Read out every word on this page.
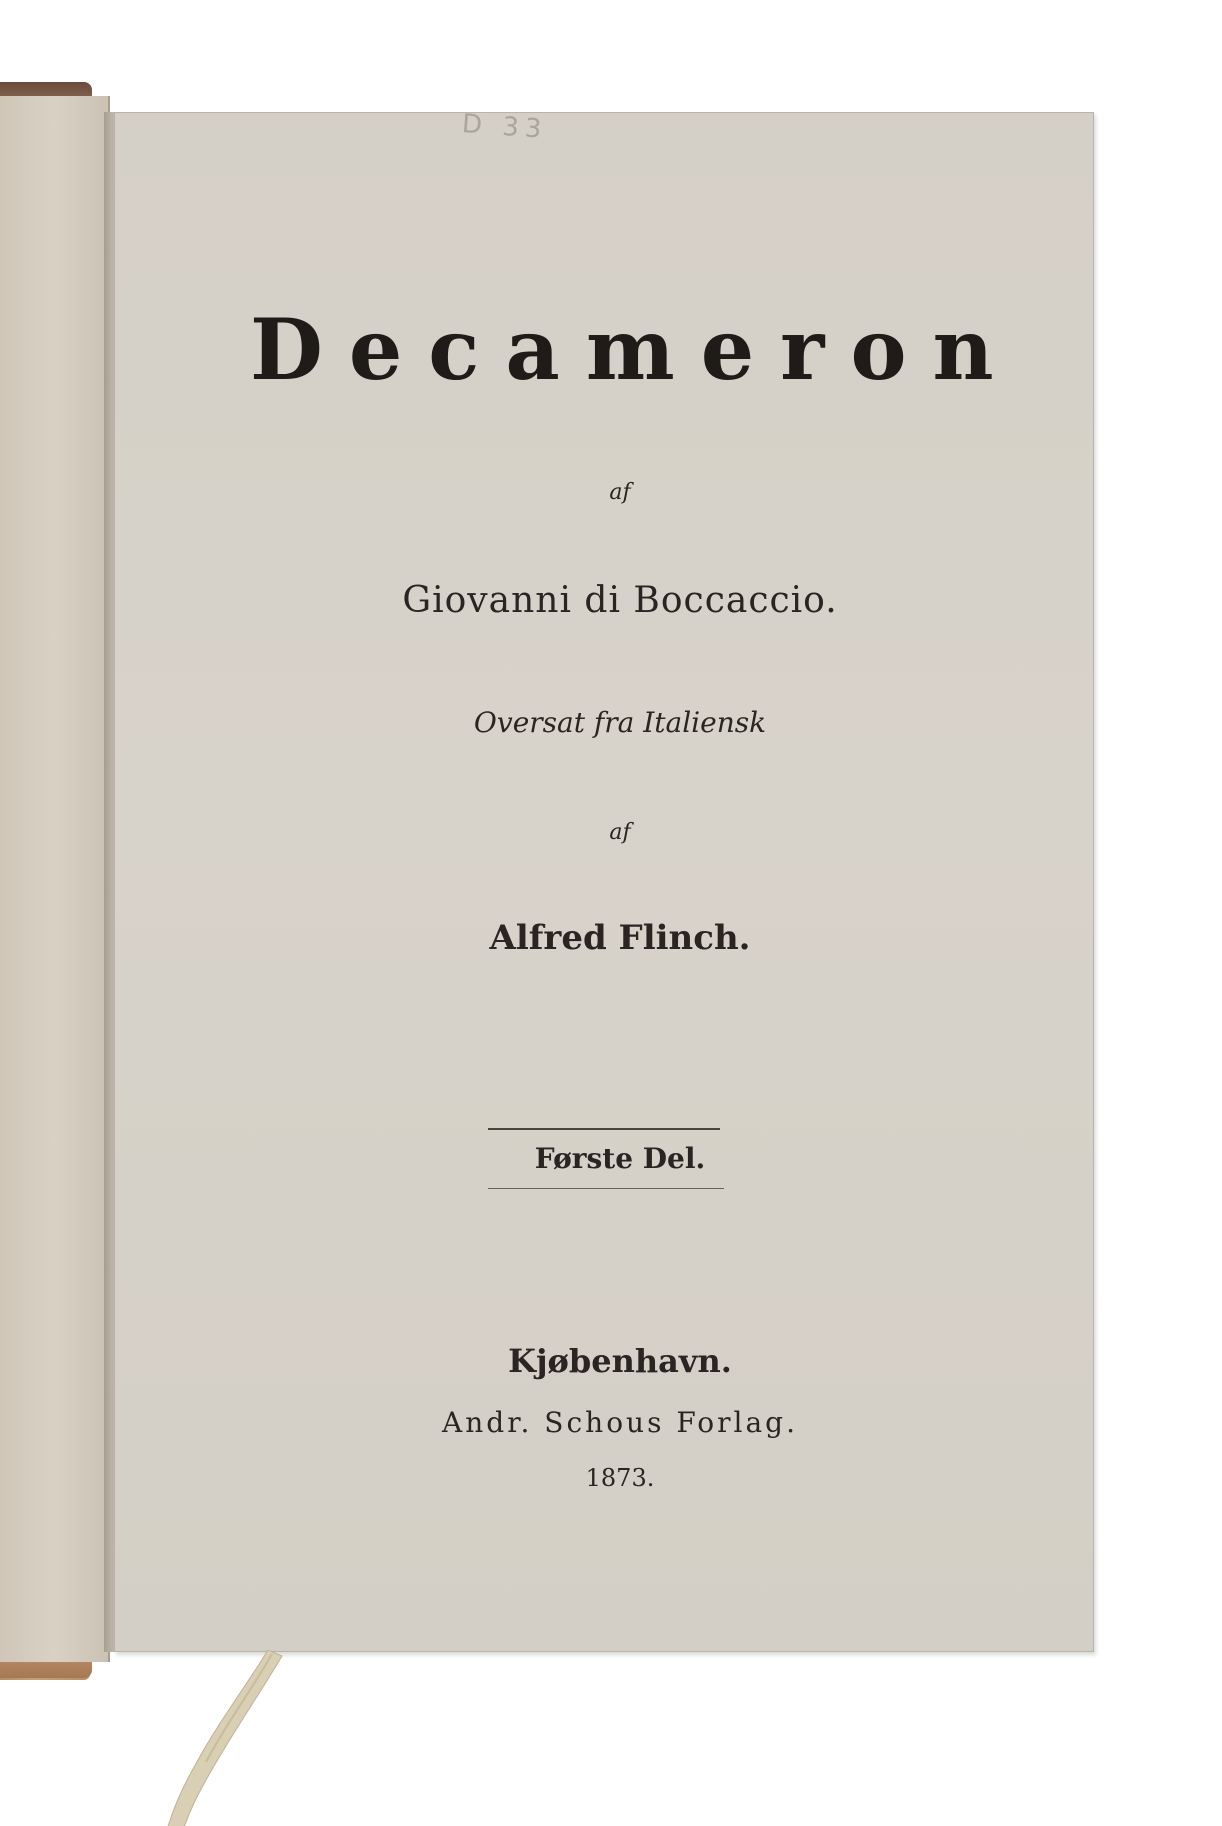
D 33
Decameron
af
Giovanni di Boccaccio.
Oversat fra Italiensk
af
Alfred Flinch.
Første Del.
Kjøbenhavn.
Andr. Schous Forlag.
1873.
